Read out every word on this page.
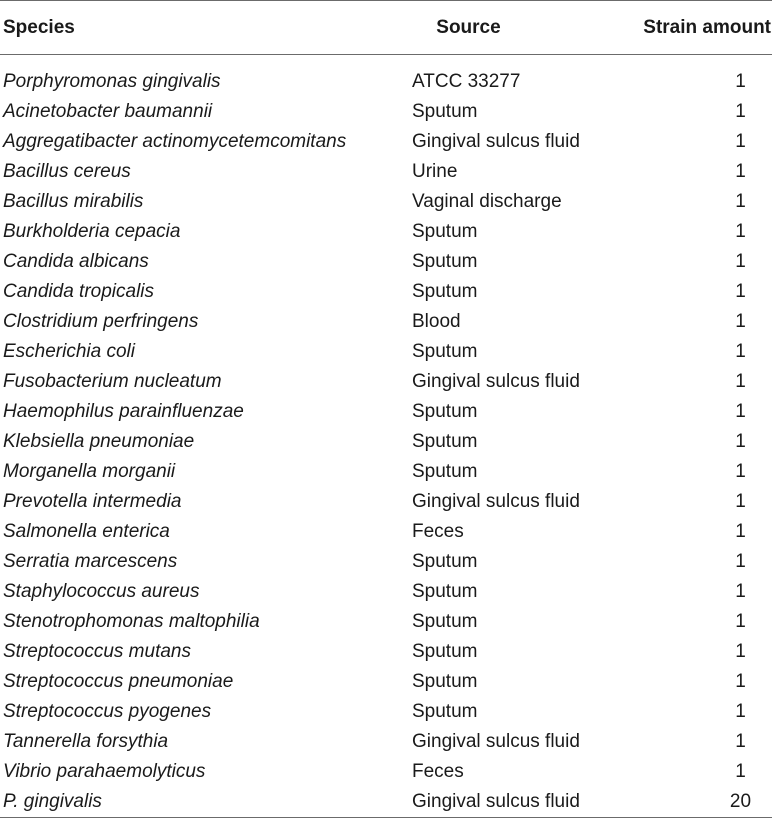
Species	Source	Strain amount
Porphyromonas gingivalis	ATCC 33277	1
Acinetobacter baumannii	Sputum	1
Aggregatibacter actinomycetemcomitans	Gingival sulcus fluid	1
Bacillus cereus	Urine	1
Bacillus mirabilis	Vaginal discharge	1
Burkholderia cepacia	Sputum	1
Candida albicans	Sputum	1
Candida tropicalis	Sputum	1
Clostridium perfringens	Blood	1
Escherichia coli	Sputum	1
Fusobacterium nucleatum	Gingival sulcus fluid	1
Haemophilus parainfluenzae	Sputum	1
Klebsiella pneumoniae	Sputum	1
Morganella morganii	Sputum	1
Prevotella intermedia	Gingival sulcus fluid	1
Salmonella enterica	Feces	1
Serratia marcescens	Sputum	1
Staphylococcus aureus	Sputum	1
Stenotrophomonas maltophilia	Sputum	1
Streptococcus mutans	Sputum	1
Streptococcus pneumoniae	Sputum	1
Streptococcus pyogenes	Sputum	1
Tannerella forsythia	Gingival sulcus fluid	1
Vibrio parahaemolyticus	Feces	1
P. gingivalis	Gingival sulcus fluid	20
